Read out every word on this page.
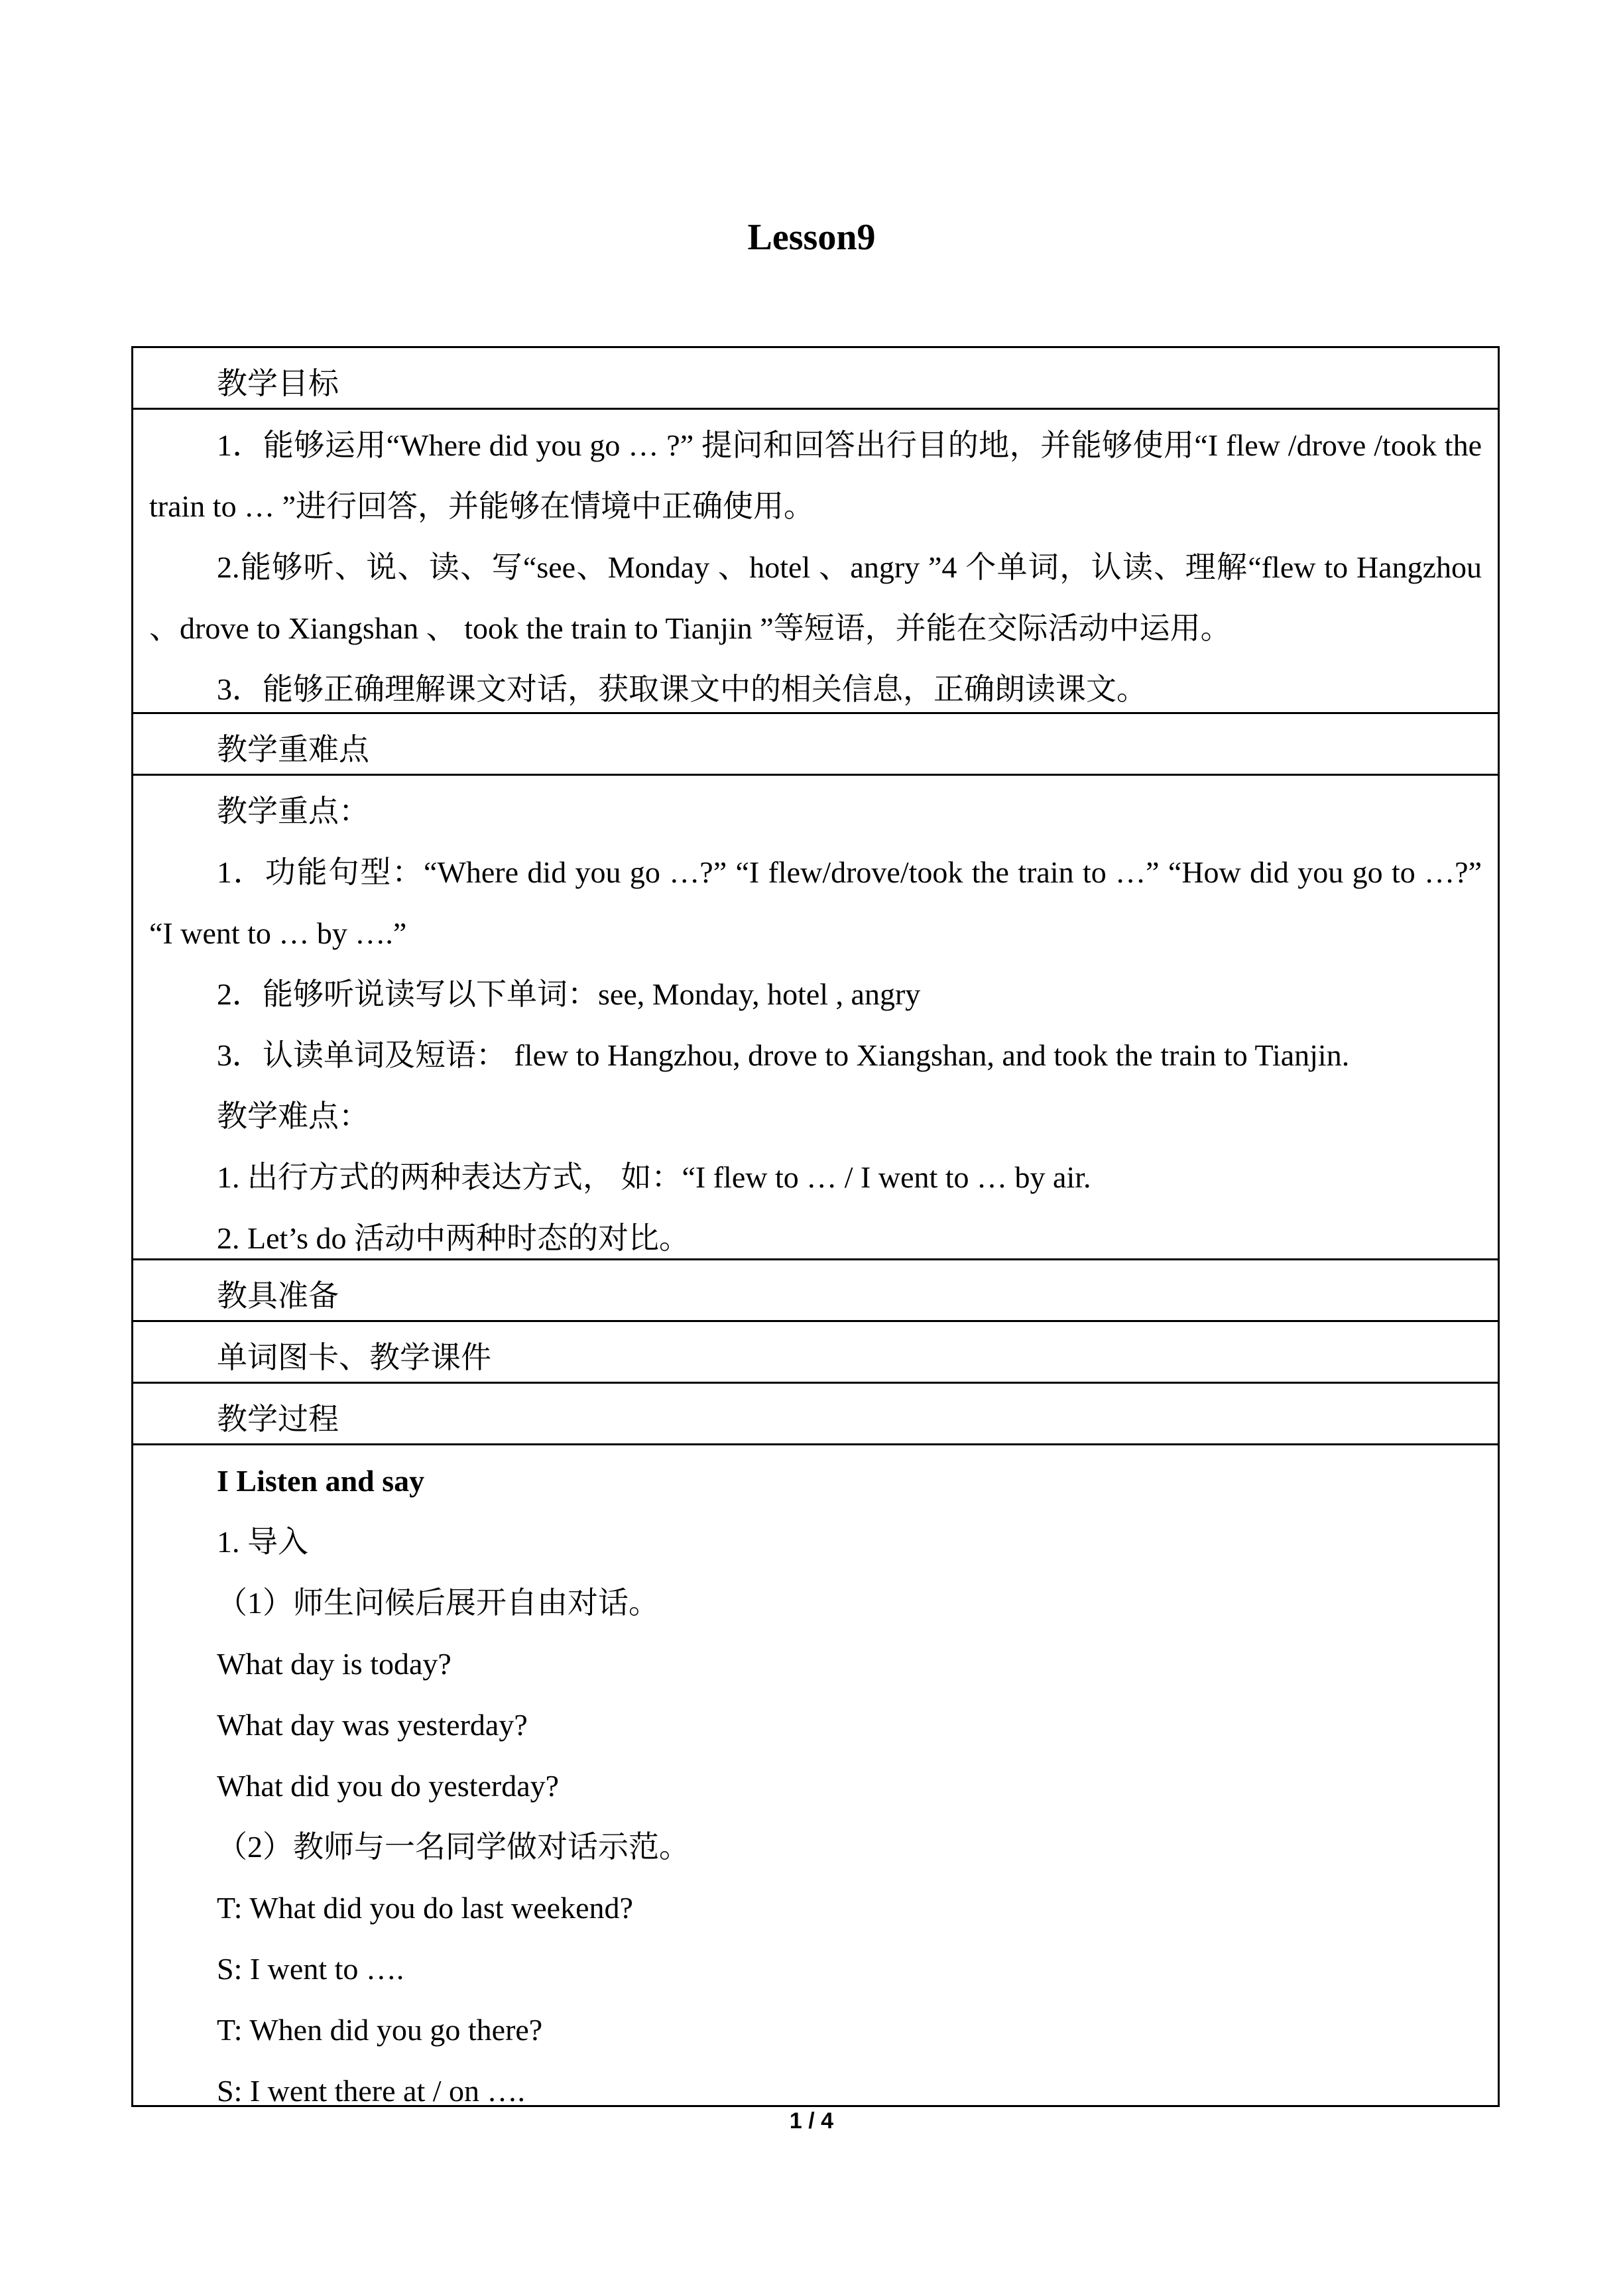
Lesson9

教学目标

1．能够运用“Where did you go … ?” 提问和回答出行目的地，并能够使用“I flew /drove /took the train to … ”进行回答，并能够在情境中正确使用。

2.能够听、说、读、写“see、Monday 、hotel 、angry ”4 个单词，认读、理解“flew to Hangzhou 、drove to Xiangshan 、 took the train to Tianjin ”等短语，并能在交际活动中运用。

3．能够正确理解课文对话，获取课文中的相关信息，正确朗读课文。

教学重难点

教学重点：

1．功能句型：“Where did you go …?” “I flew/drove/took the train to …” “How did you go to …?” “I went to … by ….”

2．能够听说读写以下单词：see, Monday, hotel , angry

3．认读单词及短语： flew to Hangzhou, drove to Xiangshan, and took the train to Tianjin.

教学难点：

1. 出行方式的两种表达方式， 如：“I flew to … / I went to … by air.

2. Let’s do 活动中两种时态的对比。

教具准备

单词图卡、教学课件

教学过程

I Listen and say

1. 导入

（1）师生问候后展开自由对话。

What day is today?

What day was yesterday?

What did you do yesterday?

（2）教师与一名同学做对话示范。

T: What did you do last weekend?

S: I went to ….

T: When did you go there?

S: I went there at / on ….

1 / 4
